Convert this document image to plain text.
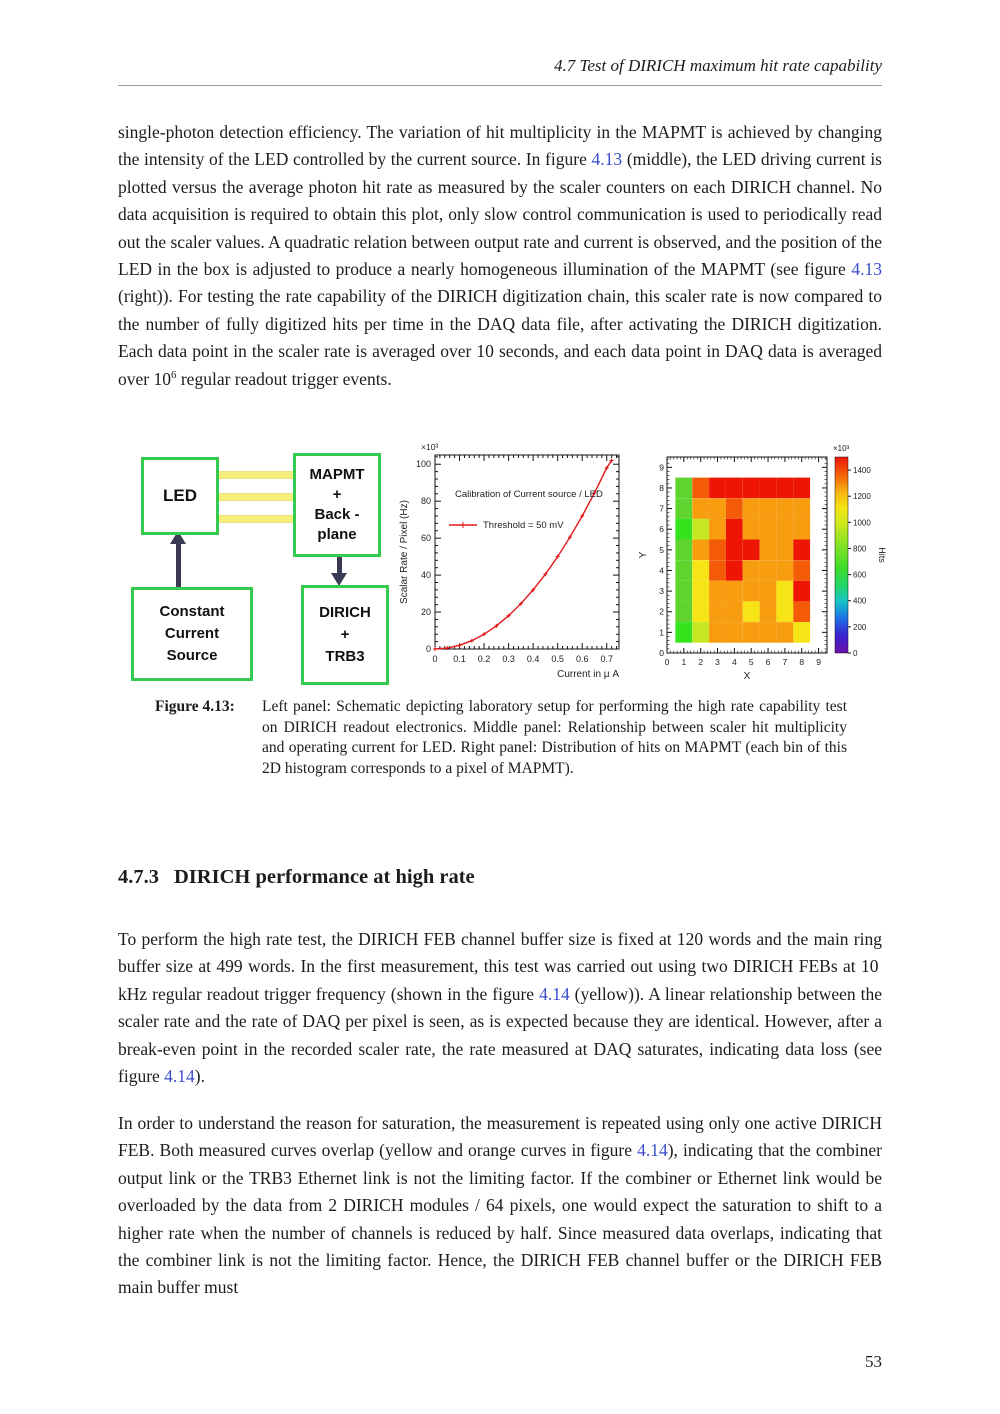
4.7 Test of DIRICH maximum hit rate capability
single-photon detection efficiency. The variation of hit multiplicity in the MAPMT is achieved by changing the intensity of the LED controlled by the current source. In figure 4.13 (middle), the LED driving current is plotted versus the average photon hit rate as measured by the scaler counters on each DIRICH channel. No data acquisition is required to obtain this plot, only slow control communication is used to periodically read out the scaler values. A quadratic relation between output rate and current is observed, and the position of the LED in the box is adjusted to produce a nearly homogeneous illumination of the MAPMT (see figure 4.13 (right)). For testing the rate capability of the DIRICH digitization chain, this scaler rate is now compared to the number of fully digitized hits per time in the DAQ data file, after activating the DIRICH digitization. Each data point in the scaler rate is averaged over 10 seconds, and each data point in DAQ data is averaged over $10^6$ regular readout trigger events.
LED
MAPMT
+
Back -
plane
Constant
Current
Source
DIRICH
+
TRB3	0 0.1 0.2 0.3 0.4 0.5 0.6 0.7
0
20
40
60
80
100
×10³
Calibration of Current source / LED
Threshold = 50 mV
Current in μ A
Scalar Rate / Pixel (Hz)
0 1 2 3 4 5 6 7 8 9
0
1
2
3
4
5
6
7
8
9
X
Y
0
200
400
600
800
1000
1200
1400
×10³
Hits
Figure 4.13:	Left panel: Schematic depicting laboratory setup for performing the high rate capability test on DIRICH readout electronics. Middle panel: Relationship between scaler hit multiplicity and operating current for LED. Right panel: Distribution of hits on MAPMT (each bin of this 2D histogram corresponds to a pixel of MAPMT).
4.7.3 DIRICH performance at high rate
To perform the high rate test, the DIRICH FEB channel buffer size is fixed at 120 words and the main ring buffer size at 499 words. In the first measurement, this test was carried out using two DIRICH FEBs at 10 kHz regular readout trigger frequency (shown in the figure 4.14 (yellow)). A linear relationship between the scaler rate and the rate of DAQ per pixel is seen, as is expected because they are identical. However, after a break-even point in the recorded scaler rate, the rate measured at DAQ saturates, indicating data loss (see figure 4.14).
In order to understand the reason for saturation, the measurement is repeated using only one active DIRICH FEB. Both measured curves overlap (yellow and orange curves in figure 4.14), indicating that the combiner output link or the TRB3 Ethernet link is not the limiting factor. If the combiner or Ethernet link would be overloaded by the data from 2 DIRICH modules / 64 pixels, one would expect the saturation to shift to a higher rate when the number of channels is reduced by half. Since measured data overlaps, indicating that the combiner link is not the limiting factor. Hence, the DIRICH FEB channel buffer or the DIRICH FEB main buffer must
53
